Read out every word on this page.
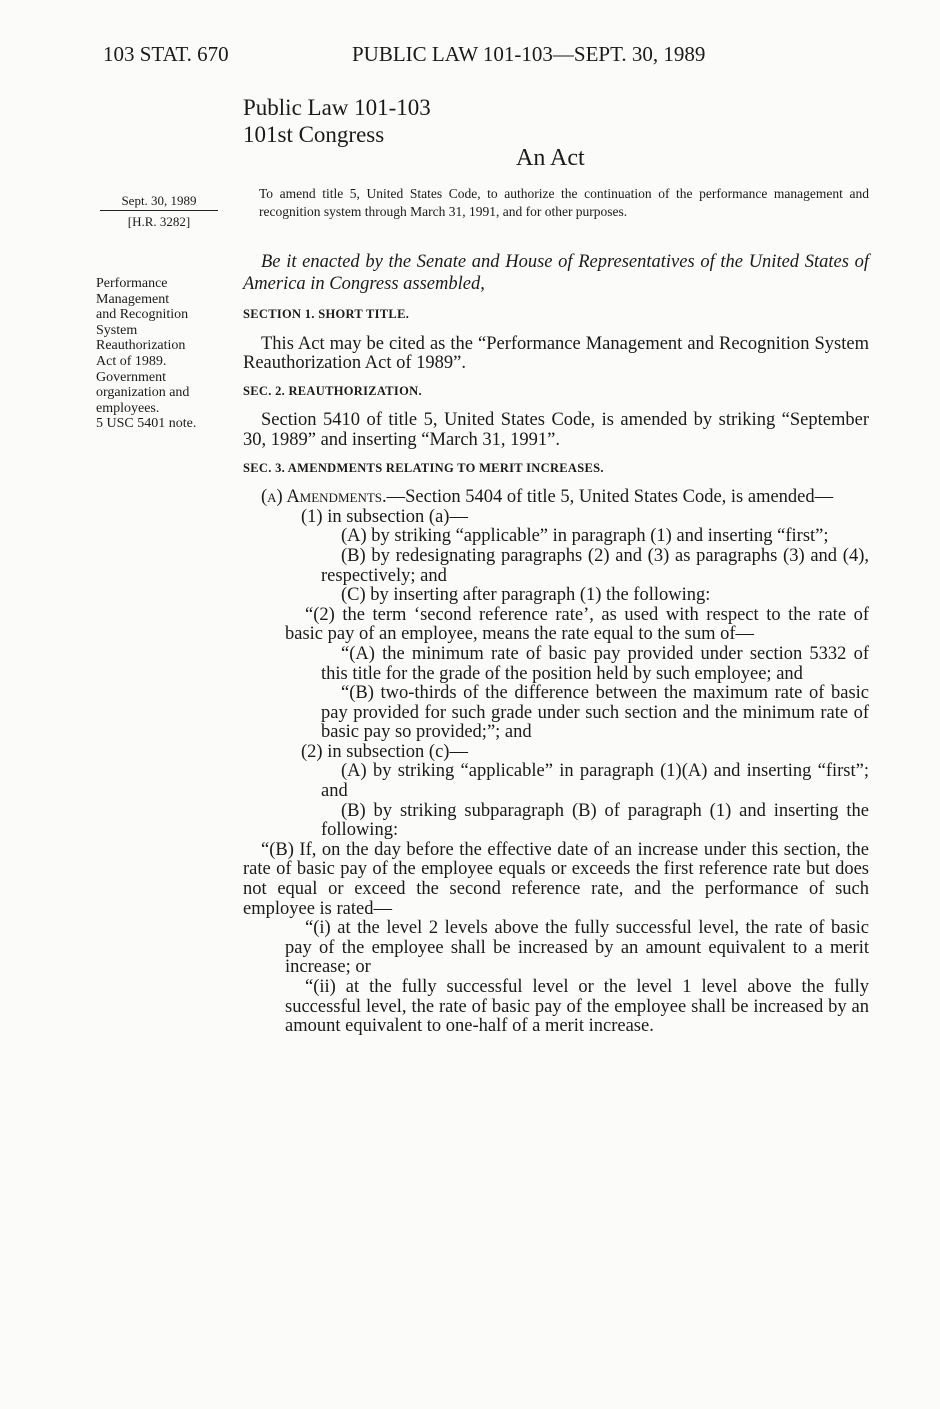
103 STAT. 670	PUBLIC LAW 101-103—SEPT. 30, 1989
Public Law 101-103
101st Congress
An Act
Sept. 30, 1989
[H.R. 3282]
Performance
Management
and Recognition
System
Reauthorization
Act of 1989.
Government
organization and
employees.
5 USC 5401 note.
To amend title 5, United States Code, to authorize the continuation of the performance management and recognition system through March 31, 1991, and for other purposes.

Be it enacted by the Senate and House of Representatives of the United States of America in Congress assembled,

SECTION 1. SHORT TITLE.

This Act may be cited as the “Performance Management and Recognition System Reauthorization Act of 1989”.

SEC. 2. REAUTHORIZATION.

Section 5410 of title 5, United States Code, is amended by striking “September 30, 1989” and inserting “March 31, 1991”.

SEC. 3. AMENDMENTS RELATING TO MERIT INCREASES.

(a) Amendments.—Section 5404 of title 5, United States Code, is amended—

(1) in subsection (a)—

(A) by striking “applicable” in paragraph (1) and inserting “first”;

(B) by redesignating paragraphs (2) and (3) as paragraphs (3) and (4), respectively; and

(C) by inserting after paragraph (1) the following:

“(2) the term ‘second reference rate’, as used with respect to the rate of basic pay of an employee, means the rate equal to the sum of—

“(A) the minimum rate of basic pay provided under section 5332 of this title for the grade of the position held by such employee; and

“(B) two-thirds of the difference between the maximum rate of basic pay provided for such grade under such section and the minimum rate of basic pay so provided;”; and

(2) in subsection (c)—

(A) by striking “applicable” in paragraph (1)(A) and inserting “first”; and

(B) by striking subparagraph (B) of paragraph (1) and inserting the following:

“(B) If, on the day before the effective date of an increase under this section, the rate of basic pay of the employee equals or exceeds the first reference rate but does not equal or exceed the second reference rate, and the performance of such employee is rated—

“(i) at the level 2 levels above the fully successful level, the rate of basic pay of the employee shall be increased by an amount equivalent to a merit increase; or

“(ii) at the fully successful level or the level 1 level above the fully successful level, the rate of basic pay of the employee shall be increased by an amount equivalent to one-half of a merit increase.
